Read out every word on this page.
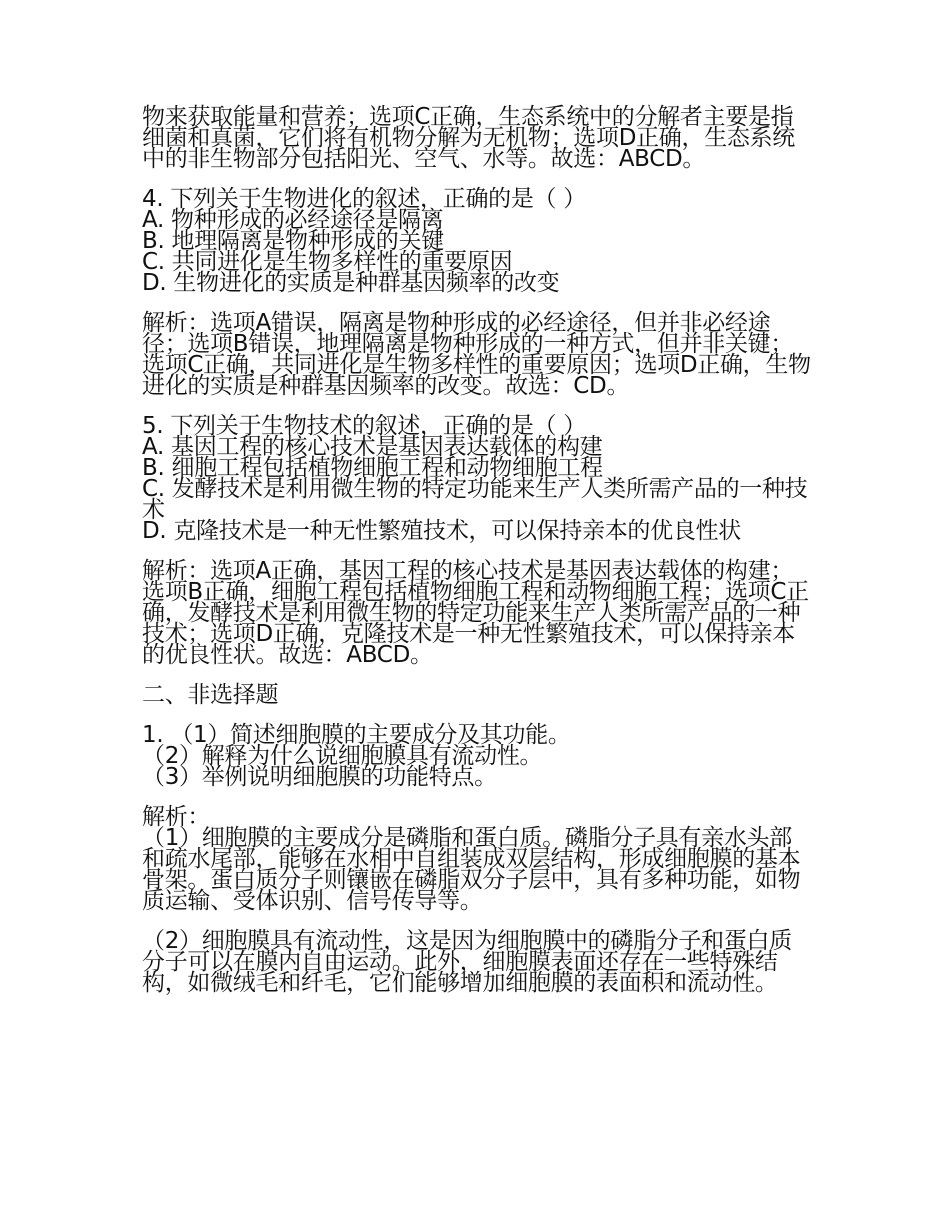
物来获取能量和营养；选项C正确，生态系统中的分解者主要是指细菌和真菌，它们将有机物分解为无机物；选项D正确，生态系统中的非生物部分包括阳光、空气、水等。故选：ABCD。
4. 下列关于生物进化的叙述，正确的是（ ）
A. 物种形成的必经途径是隔离
B. 地理隔离是物种形成的关键
C. 共同进化是生物多样性的重要原因
D. 生物进化的实质是种群基因频率的改变
解析：选项A错误，隔离是物种形成的必经途径，但并非必经途径；选项B错误，地理隔离是物种形成的一种方式，但并非关键；选项C正确，共同进化是生物多样性的重要原因；选项D正确，生物进化的实质是种群基因频率的改变。故选：CD。
5. 下列关于生物技术的叙述，正确的是（ ）
A. 基因工程的核心技术是基因表达载体的构建
B. 细胞工程包括植物细胞工程和动物细胞工程
C. 发酵技术是利用微生物的特定功能来生产人类所需产品的一种技术
D. 克隆技术是一种无性繁殖技术，可以保持亲本的优良性状
解析：选项A正确，基因工程的核心技术是基因表达载体的构建；选项B正确，细胞工程包括植物细胞工程和动物细胞工程；选项C正确，发酵技术是利用微生物的特定功能来生产人类所需产品的一种技术；选项D正确，克隆技术是一种无性繁殖技术，可以保持亲本的优良性状。故选：ABCD。
二、非选择题
1. （1）简述细胞膜的主要成分及其功能。
（2）解释为什么说细胞膜具有流动性。
（3）举例说明细胞膜的功能特点。
解析：
（1）细胞膜的主要成分是磷脂和蛋白质。磷脂分子具有亲水头部和疏水尾部，能够在水相中自组装成双层结构，形成细胞膜的基本骨架。蛋白质分子则镶嵌在磷脂双分子层中，具有多种功能，如物质运输、受体识别、信号传导等。
（2）细胞膜具有流动性，这是因为细胞膜中的磷脂分子和蛋白质分子可以在膜内自由运动。此外，细胞膜表面还存在一些特殊结构，如微绒毛和纤毛，它们能够增加细胞膜的表面积和流动性。
